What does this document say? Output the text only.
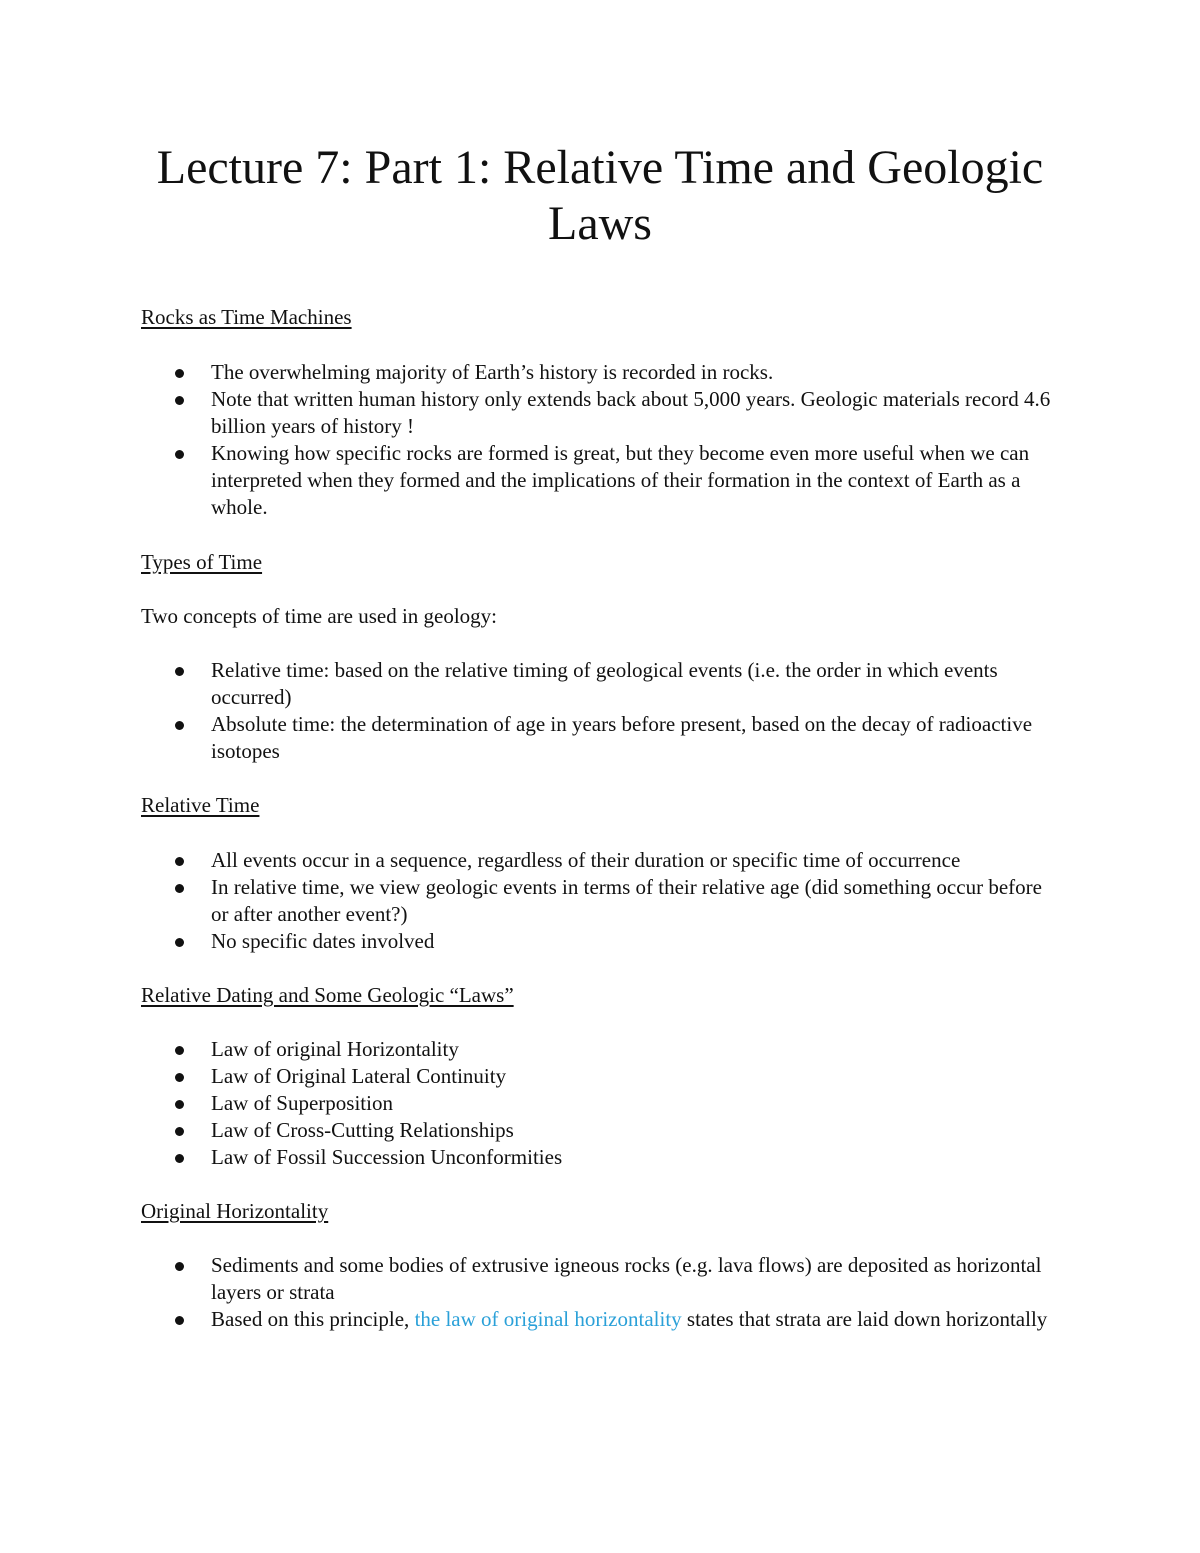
Lecture 7: Part 1: Relative Time and Geologic Laws

Rocks as Time Machines

The overwhelming majority of Earth’s history is recorded in rocks.
Note that written human history only extends back about 5,000 years. Geologic materials record 4.6 billion years of history !
Knowing how specific rocks are formed is great, but they become even more useful when we can interpreted when they formed and the implications of their formation in the context of Earth as a whole.

Types of Time

Two concepts of time are used in geology:

Relative time: based on the relative timing of geological events (i.e. the order in which events occurred)
Absolute time: the determination of age in years before present, based on the decay of radioactive isotopes

Relative Time

All events occur in a sequence, regardless of their duration or specific time of occurrence
In relative time, we view geologic events in terms of their relative age (did something occur before or after another event?)
No specific dates involved

Relative Dating and Some Geologic “Laws”

Law of original Horizontality
Law of Original Lateral Continuity
Law of Superposition
Law of Cross-Cutting Relationships
Law of Fossil Succession Unconformities

Original Horizontality

Sediments and some bodies of extrusive igneous rocks (e.g. lava flows) are deposited as horizontal layers or strata
Based on this principle, the law of original horizontality states that strata are laid down horizontally
